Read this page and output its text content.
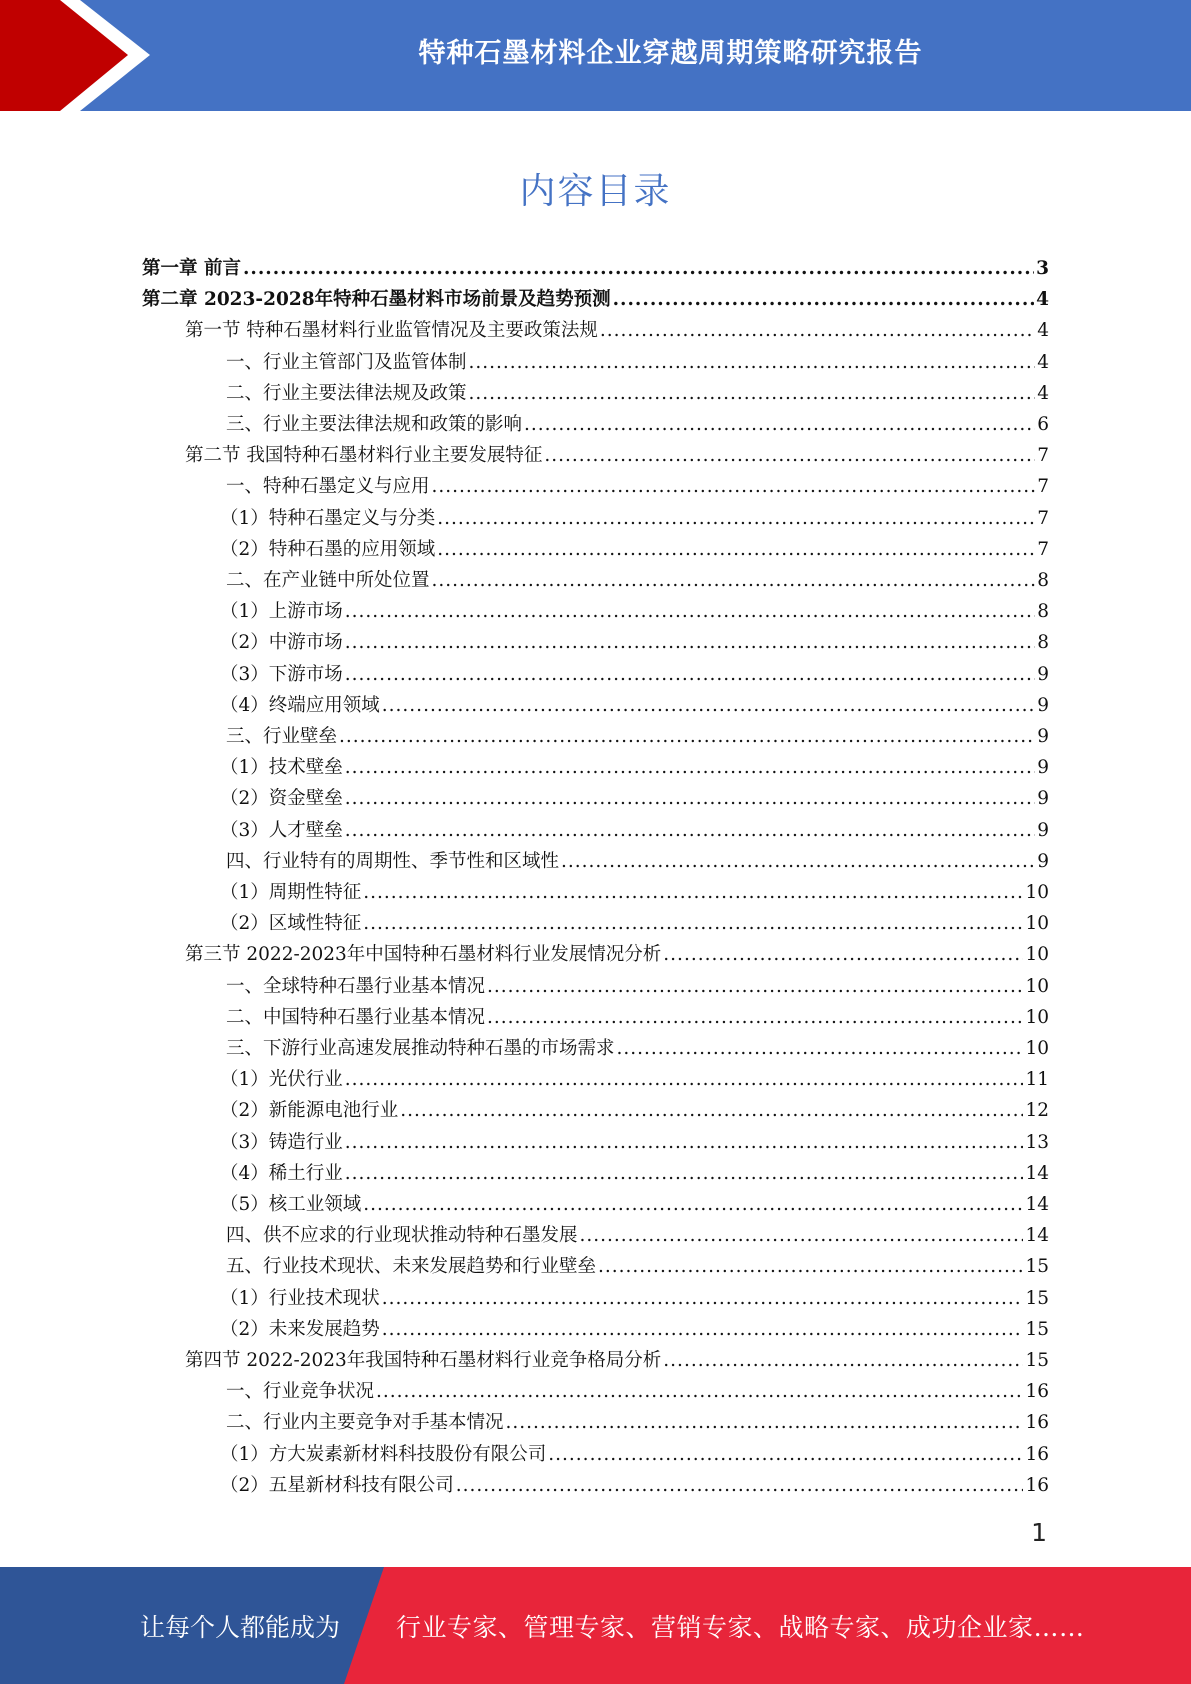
特种石墨材料企业穿越周期策略研究报告
内容目录
第一章 前言 .....	3
第二章 2023-2028年特种石墨材料市场前景及趋势预测 .....	4
第一节 特种石墨材料行业监管情况及主要政策法规 .....	4
一、行业主管部门及监管体制 .....	4
二、行业主要法律法规及政策 .....	4
三、行业主要法律法规和政策的影响 .....	6
第二节 我国特种石墨材料行业主要发展特征 .....	7
一、特种石墨定义与应用 .....	7
（1）特种石墨定义与分类 .....	7
（2）特种石墨的应用领域 .....	7
二、在产业链中所处位置 .....	8
（1）上游市场 .....	8
（2）中游市场 .....	8
（3）下游市场 .....	9
（4）终端应用领域 .....	9
三、行业壁垒 .....	9
（1）技术壁垒 .....	9
（2）资金壁垒 .....	9
（3）人才壁垒 .....	9
四、行业特有的周期性、季节性和区域性 .....	9
（1）周期性特征 .....	10
（2）区域性特征 .....	10
第三节 2022-2023年中国特种石墨材料行业发展情况分析 .....	10
一、全球特种石墨行业基本情况 .....	10
二、中国特种石墨行业基本情况 .....	10
三、下游行业高速发展推动特种石墨的市场需求 .....	10
（1）光伏行业 .....	11
（2）新能源电池行业 .....	12
（3）铸造行业 .....	13
（4）稀土行业 .....	14
（5）核工业领域 .....	14
四、供不应求的行业现状推动特种石墨发展 .....	14
五、行业技术现状、未来发展趋势和行业壁垒 .....	15
（1）行业技术现状 .....	15
（2）未来发展趋势 .....	15
第四节 2022-2023年我国特种石墨材料行业竞争格局分析 .....	15
一、行业竞争状况 .....	16
二、行业内主要竞争对手基本情况 .....	16
（1）方大炭素新材料科技股份有限公司 .....	16
（2）五星新材科技有限公司 .....	16
1
让每个人都能成为 行业专家、管理专家、营销专家、战略专家、成功企业家……
